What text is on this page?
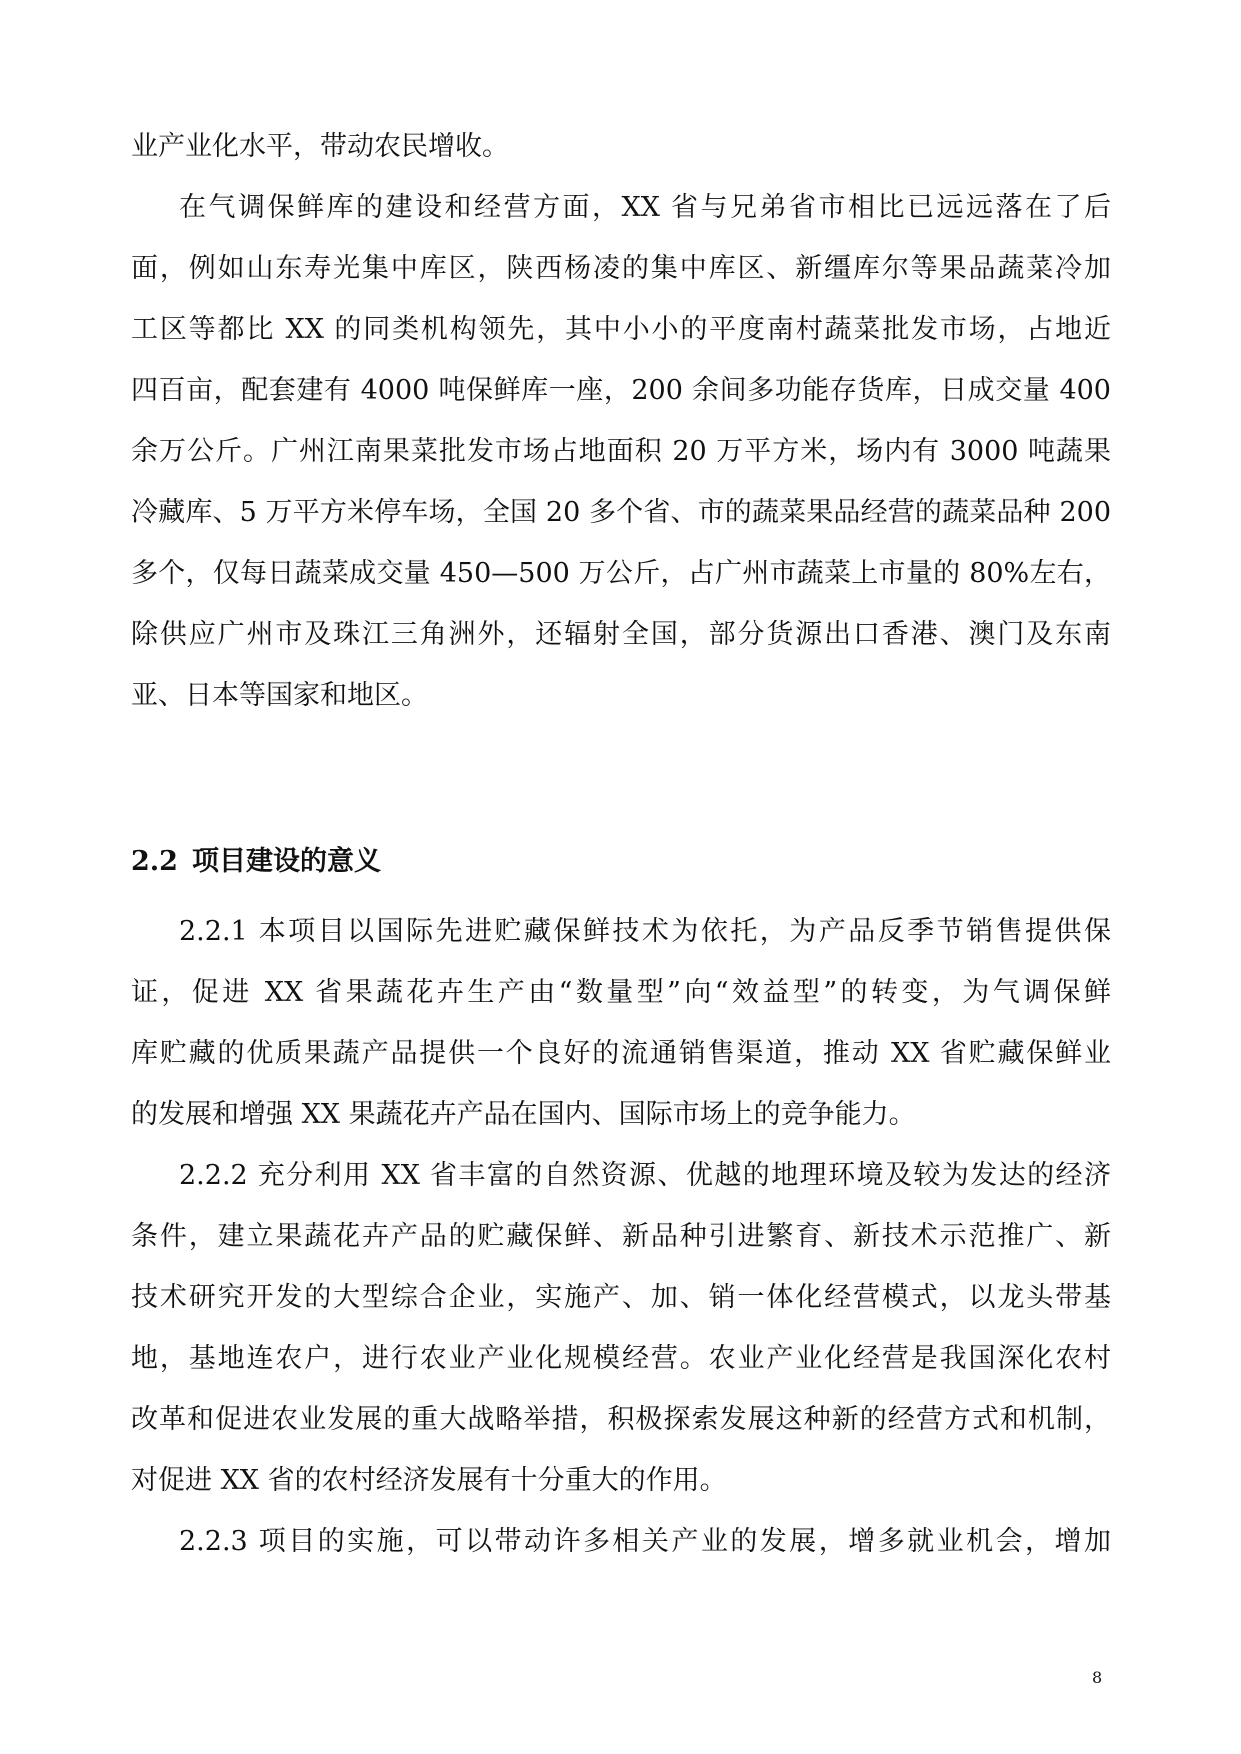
业产业化水平，带动农民增收。
在气调保鲜库的建设和经营方面，XX 省与兄弟省市相比已远远落在了后
面，例如山东寿光集中库区，陕西杨凌的集中库区、新缰库尔等果品蔬菜冷加
工区等都比 XX 的同类机构领先，其中小小的平度南村蔬菜批发市场，占地近
四百亩，配套建有 4000 吨保鲜库一座，200 余间多功能存货库，日成交量 400
余万公斤。广州江南果菜批发市场占地面积 20 万平方米，场内有 3000 吨蔬果
冷藏库、5 万平方米停车场，全国 20 多个省、市的蔬菜果品经营的蔬菜品种 200
多个，仅每日蔬菜成交量 450—500 万公斤，占广州市蔬菜上市量的 80%左右，
除供应广州市及珠江三角洲外，还辐射全国，部分货源出口香港、澳门及东南
亚、日本等国家和地区。
2.2 项目建设的意义
2.2.1 本项目以国际先进贮藏保鲜技术为依托，为产品反季节销售提供保
证，促进 XX 省果蔬花卉生产由“数量型”向“效益型”的转变，为气调保鲜
库贮藏的优质果蔬产品提供一个良好的流通销售渠道，推动 XX 省贮藏保鲜业
的发展和增强 XX 果蔬花卉产品在国内、国际市场上的竞争能力。
2.2.2 充分利用 XX 省丰富的自然资源、优越的地理环境及较为发达的经济
条件，建立果蔬花卉产品的贮藏保鲜、新品种引进繁育、新技术示范推广、新
技术研究开发的大型综合企业，实施产、加、销一体化经营模式，以龙头带基
地，基地连农户，进行农业产业化规模经营。农业产业化经营是我国深化农村
改革和促进农业发展的重大战略举措，积极探索发展这种新的经营方式和机制，
对促进 XX 省的农村经济发展有十分重大的作用。
2.2.3 项目的实施，可以带动许多相关产业的发展，增多就业机会，增加
8
